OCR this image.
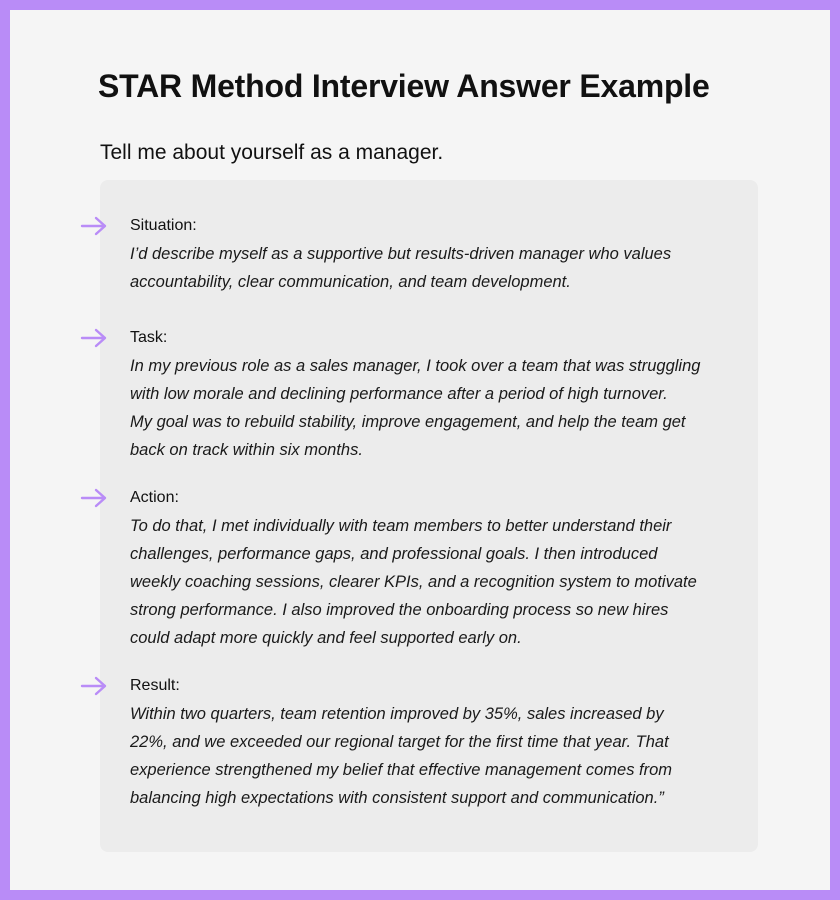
STAR Method Interview Answer Example
Tell me about yourself as a manager.
Situation:

I’d describe myself as a supportive but results-driven manager who values
accountability, clear communication, and team development.

Task:

In my previous role as a sales manager, I took over a team that was struggling
with low morale and declining performance after a period of high turnover.
My goal was to rebuild stability, improve engagement, and help the team get
back on track within six months.

Action:

To do that, I met individually with team members to better understand their
challenges, performance gaps, and professional goals. I then introduced
weekly coaching sessions, clearer KPIs, and a recognition system to motivate
strong performance. I also improved the onboarding process so new hires
could adapt more quickly and feel supported early on.

Result:

Within two quarters, team retention improved by 35%, sales increased by
22%, and we exceeded our regional target for the first time that year. That
experience strengthened my belief that effective management comes from
balancing high expectations with consistent support and communication.”
